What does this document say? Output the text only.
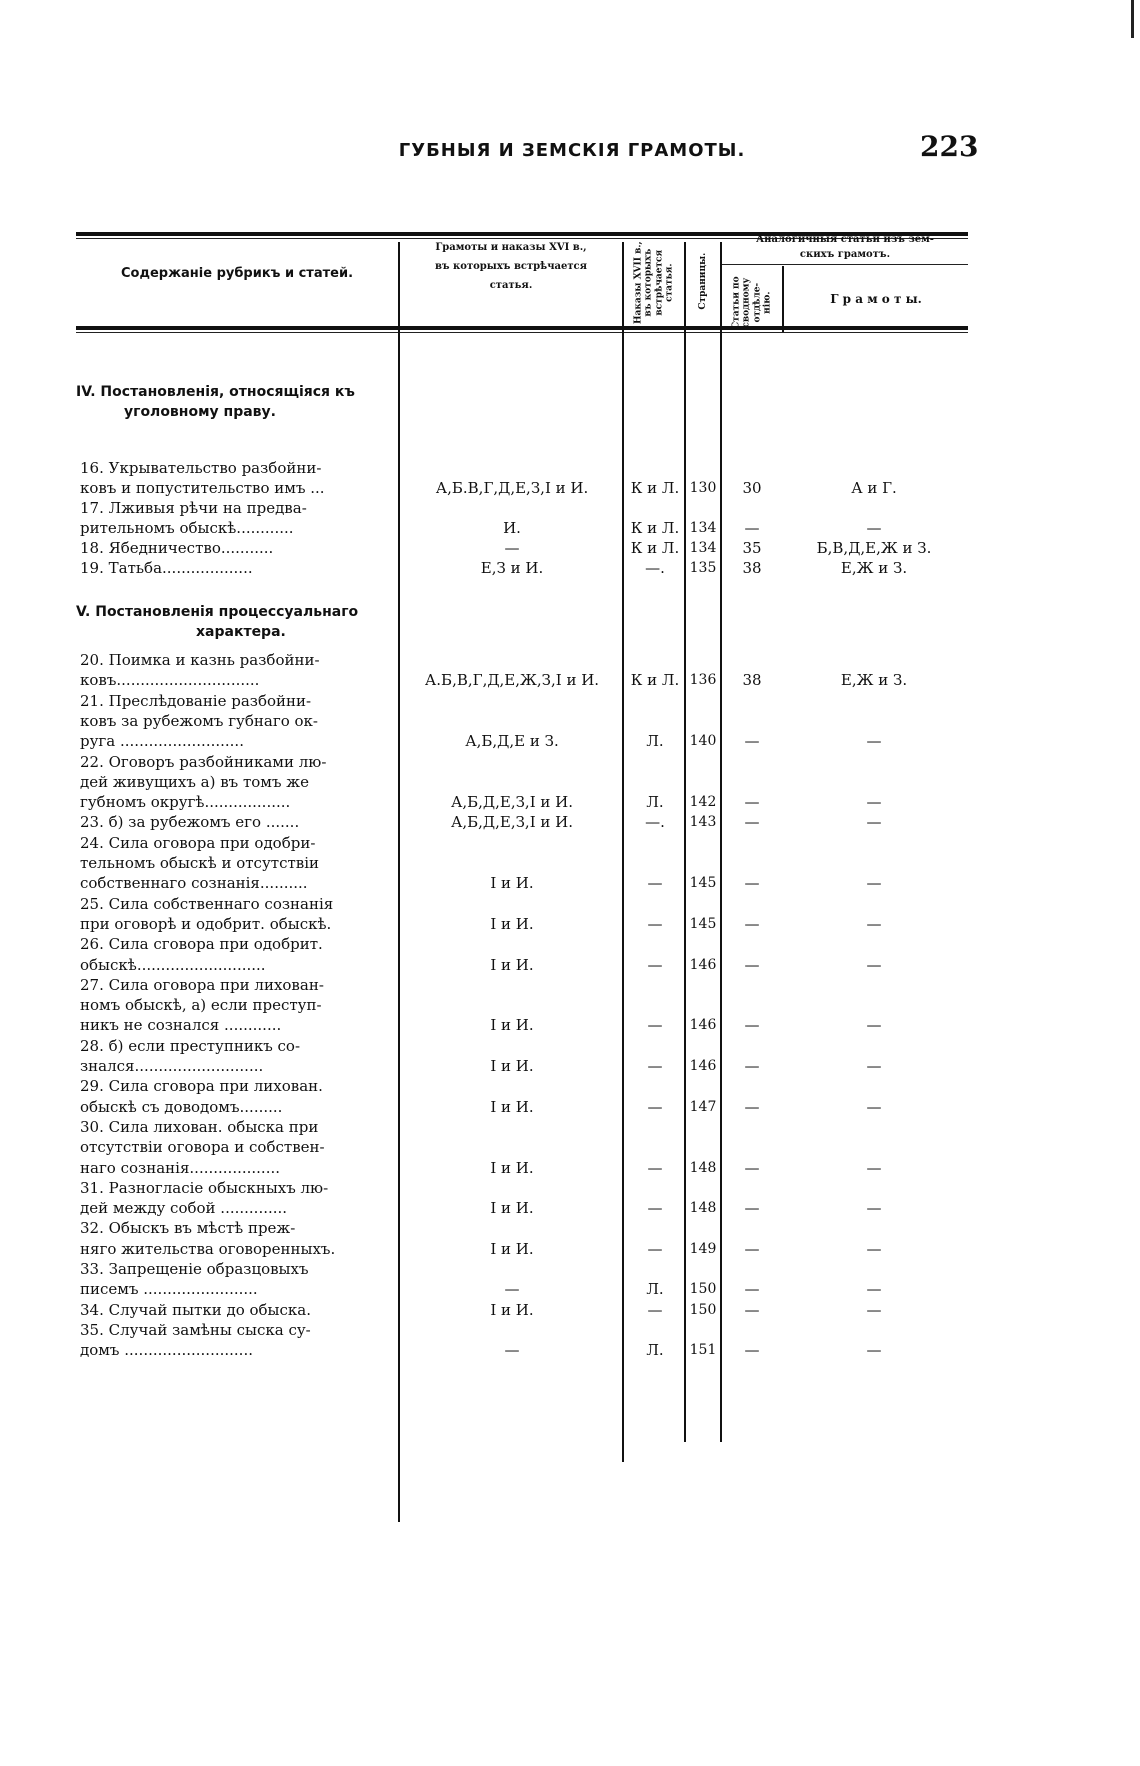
ГУБНЫЯ И ЗЕМСКІЯ ГРАМОТЫ.	223
Содержаніе рубрикъ и статей.
Грамоты и наказы XVI в.,
въ которыхъ встрѣчается
статья.	Наказы XVII в., въ которыхъ встрѣчается статья.	Страницы.
Аналогичныя статьи изъ зем-
скихъ грамотъ.
Статьи по сводному отдѣле- нію.	Г р а м о т ы.
IV. Постановленія, относящіяся къ
уголовному праву.
V. Постановленія процессуальнаго
характера.
16. Укрывательство разбойни-
ковъ и попустительство имъ ...	А,Б.В,Г,Д,Е,З,І и И.	К и Л. 130	30	А и Г.
17. Лживыя рѣчи на предва-
рительномъ обыскѣ............	И.	К и Л. 134	—	—
18. Ябедничество...........	—	К и Л. 134	35	Б,В,Д,Е,Ж и З.
19. Татьба...................	Е,З и И.	—.	135	38	Е,Ж и З.
20. Поимка и казнь разбойни-
ковъ..............................	А.Б,В,Г,Д,Е,Ж,З,І и И.	К и Л. 136	38	Е,Ж и З.
21. Преслѣдованіе разбойни-
ковъ за рубежомъ губнаго ок-
руга ..........................	А,Б,Д,Е и З.	Л.	140	—	—
22. Оговоръ разбойниками лю-
дей живущихъ а) въ томъ же
губномъ округѣ..................	А,Б,Д,Е,З,І и И.	Л.	142	—	—
23. б) за рубежомъ его .......	А,Б,Д,Е,З,І и И.	—.	143	—	—
24. Сила оговора при одобри-
тельномъ обыскѣ и отсутствіи
собственнаго сознанія..........	І и И.	—	145	—	—
25. Сила собственнаго сознанія
при оговорѣ и одобрит. обыскѣ.	І и И.	—	145	—	—
26. Сила сговора при одобрит.
обыскѣ...........................	І и И.	—	146	—	—
27. Сила оговора при лихован-
номъ обыскѣ, а) если преступ-
никъ не сознался ............	І и И.	—	146	—	—
28. б) если преступникъ со-
знался...........................	І и И.	—	146	—	—
29. Сила сговора при лихован.
обыскѣ съ доводомъ.........	І и И.	—	147	—	—
30. Сила лихован. обыска при
отсутствіи оговора и собствен-
наго сознанія...................	І и И.	—	148	—	—
31. Разногласіе обыскныхъ лю-
дей между собой ..............	І и И.	—	148	—	—
32. Обыскъ въ мѣстѣ преж-
няго жительства оговоренныхъ.	І и И.	—	149	—	—
33. Запрещеніе образцовыхъ
писемъ ........................	—	Л.	150	—	—
34. Случай пытки до обыска.	І и И.	—	150	—	—
35. Случай замѣны сыска су-
домъ ...........................	—	Л.	151	—	—
